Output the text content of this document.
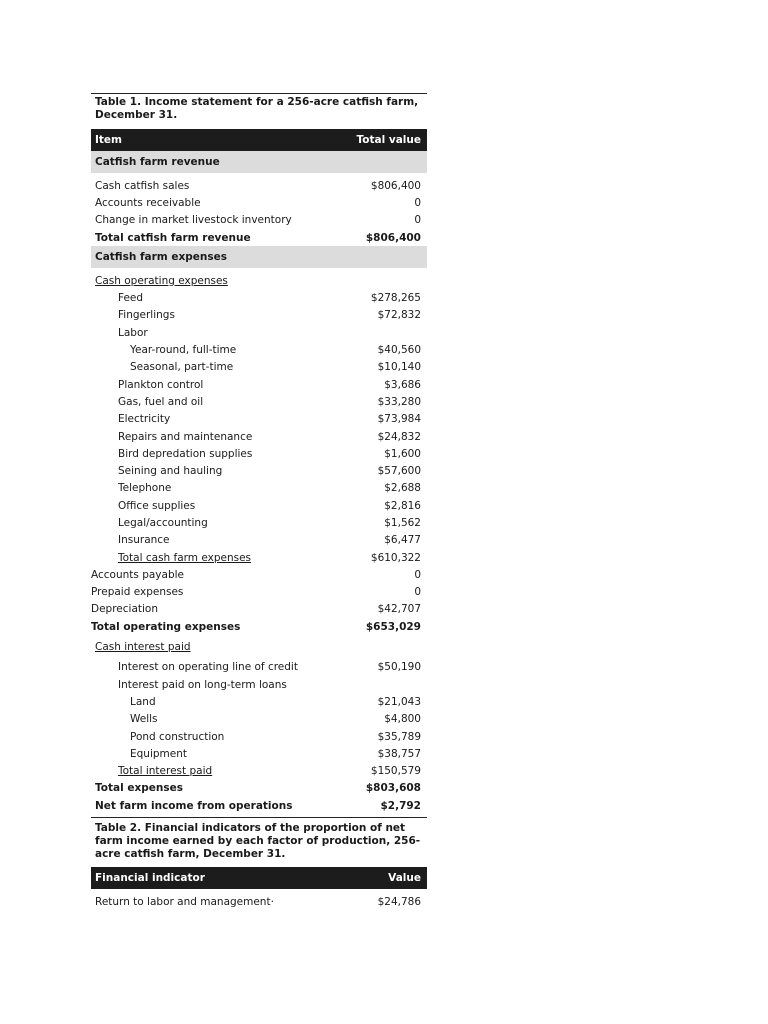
Table 1. Income statement for a 256-acre catfish farm, December 31.
Item	Total value
Catfish farm revenue
Cash catfish sales	$806,400
Accounts receivable	0
Change in market livestock inventory	0
Total catfish farm revenue	$806,400
Catfish farm expenses
Cash operating expenses
Feed	$278,265
Fingerlings	$72,832
Labor
Year-round, full-time	$40,560
Seasonal, part-time	$10,140
Plankton control	$3,686
Gas, fuel and oil	$33,280
Electricity	$73,984
Repairs and maintenance	$24,832
Bird depredation supplies	$1,600
Seining and hauling	$57,600
Telephone	$2,688
Office supplies	$2,816
Legal/accounting	$1,562
Insurance	$6,477
Total cash farm expenses	$610,322
Accounts payable	0
Prepaid expenses	0
Depreciation	$42,707
Total operating expenses	$653,029
Cash interest paid
Interest on operating line of credit	$50,190
Interest paid on long-term loans
Land	$21,043
Wells	$4,800
Pond construction	$35,789
Equipment	$38,757
Total interest paid	$150,579
Total expenses	$803,608
Net farm income from operations	$2,792
Table 2. Financial indicators of the proportion of net farm income earned by each factor of production, 256-acre catfish farm, December 31.
Financial indicator	Value
Return to labor and management·	$24,786
